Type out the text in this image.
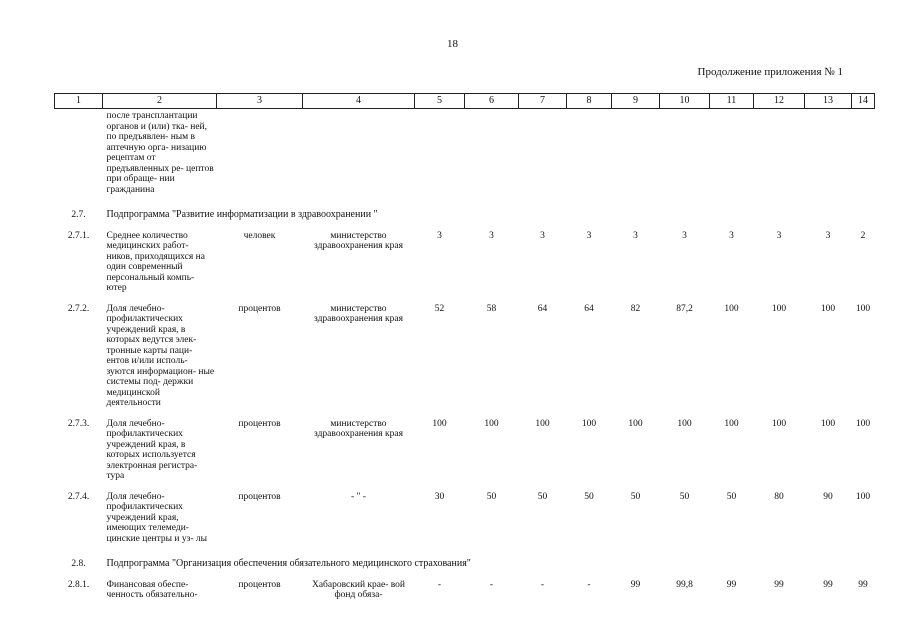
18
Продолжение приложения № 1
1	2	3	4	5	6	7	8	9	10	11	12	13	14
	после трансплантации органов и (или) тка- ней, по предъявлен- ным в аптечную орга- низацию рецептам от предъявленных ре- цептов при обраще- нии гражданина												
2.7.	Подпрограмма "Развитие информатизации в здравоохранении "												
2.7.1.	Среднее количество медицинских работ- ников, приходящихся на один современный персональный компь- ютер	человек	министерство здравоохранения края	3	3	3	3	3	3	3	3	3	2
2.7.2.	Доля лечебно- профилактических учреждений края, в которых ведутся элек- тронные карты паци- ентов и/или исполь- зуются информацион- ные системы под- держки медицинской деятельности	процентов	министерство здравоохранения края	52	58	64	64	82	87,2	100	100	100	100
2.7.3.	Доля лечебно- профилактических учреждений края, в которых используется электронная регистра- тура	процентов	министерство здравоохранения края	100	100	100	100	100	100	100	100	100	100
2.7.4.	Доля лечебно- профилактических учреждений края, имеющих телемеди- цинские центры и уз- лы	процентов	- " -	30	50	50	50	50	50	50	80	90	100
2.8.	Подпрограмма "Организация обеспечения обязательного медицинского страхования"												
2.8.1.	Финансовая обеспе- ченность обязательно-	процентов	Хабаровский крае- вой фонд обяза-	-	-	-	-	99	99,8	99	99	99	99
